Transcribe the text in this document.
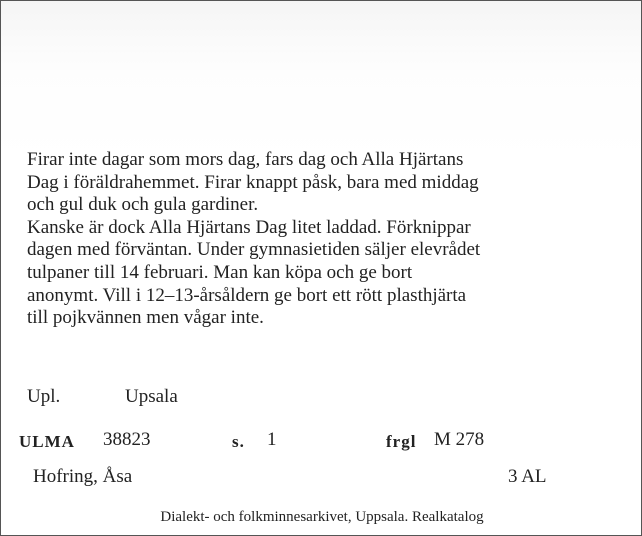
Firar inte dagar som mors dag, fars dag och Alla Hjärtans
Dag i föräldrahemmet. Firar knappt påsk, bara med middag
och gul duk och gula gardiner.
Kanske är dock Alla Hjärtans Dag litet laddad. Förknippar
dagen med förväntan. Under gymnasietiden säljer elevrådet
tulpaner till 14 februari. Man kan köpa och ge bort
anonymt. Vill i 12–13-årsåldern ge bort ett rött plasthjärta
till pojkvännen men vågar inte.
Upl.	Upsala
ULMA 38823	s. 1	frgl M 278
Hofring, Åsa	3 AL
Dialekt- och folkminnesarkivet, Uppsala. Realkatalog
